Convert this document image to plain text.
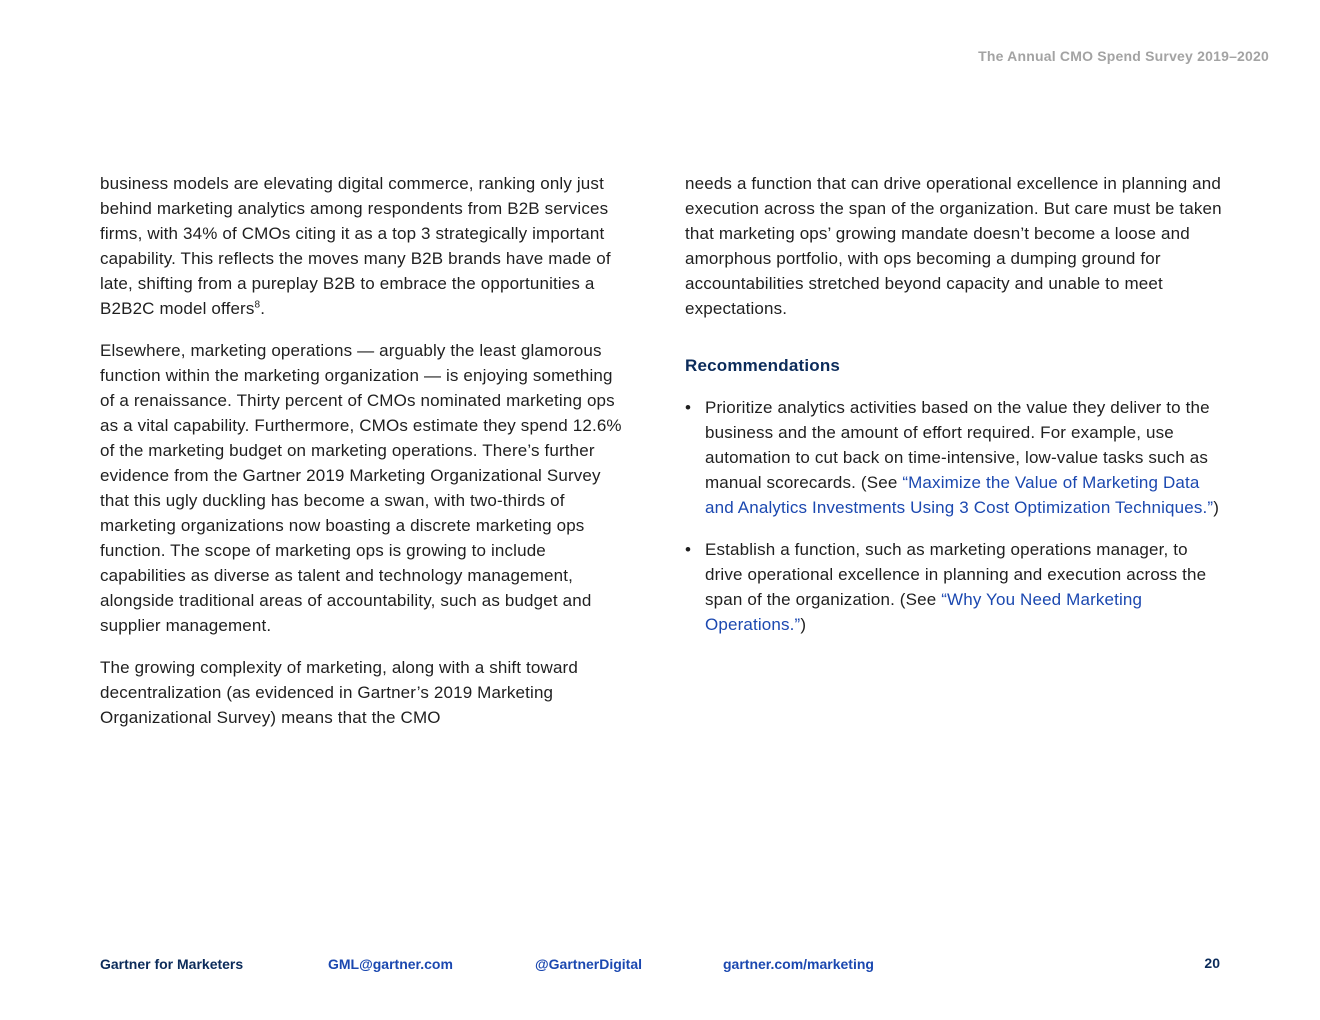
The Annual CMO Spend Survey 2019–2020

business models are elevating digital commerce, ranking only just behind marketing analytics among respondents from B2B services firms, with 34% of CMOs citing it as a top 3 strategically important capability. This reflects the moves many B2B brands have made of late, shifting from a pureplay B2B to embrace the opportunities a B2B2C model offers$^8$.

Elsewhere, marketing operations — arguably the least glamorous function within the marketing organization — is enjoying something of a renaissance. Thirty percent of CMOs nominated marketing ops as a vital capability. Furthermore, CMOs estimate they spend 12.6% of the marketing budget on marketing operations. There’s further evidence from the Gartner 2019 Marketing Organizational Survey that this ugly duckling has become a swan, with two-thirds of marketing organizations now boasting a discrete marketing ops function. The scope of marketing ops is growing to include capabilities as diverse as talent and technology management, alongside traditional areas of accountability, such as budget and supplier management.

The growing complexity of marketing, along with a shift toward decentralization (as evidenced in Gartner’s 2019 Marketing Organizational Survey) means that the CMO

needs a function that can drive operational excellence in planning and execution across the span of the organization. But care must be taken that marketing ops’ growing mandate doesn’t become a loose and amorphous portfolio, with ops becoming a dumping ground for accountabilities stretched beyond capacity and unable to meet expectations.

Recommendations
• Prioritize analytics activities based on the value they deliver to the business and the amount of effort required. For example, use automation to cut back on time-intensive, low-value tasks such as manual scorecards. (See “Maximize the Value of Marketing Data and Analytics Investments Using 3 Cost Optimization Techniques.”)
• Establish a function, such as marketing operations manager, to drive operational excellence in planning and execution across the span of the organization. (See “Why You Need Marketing Operations.”)
Gartner for Marketers	GML@gartner.com	@GartnerDigital	gartner.com/marketing	20
